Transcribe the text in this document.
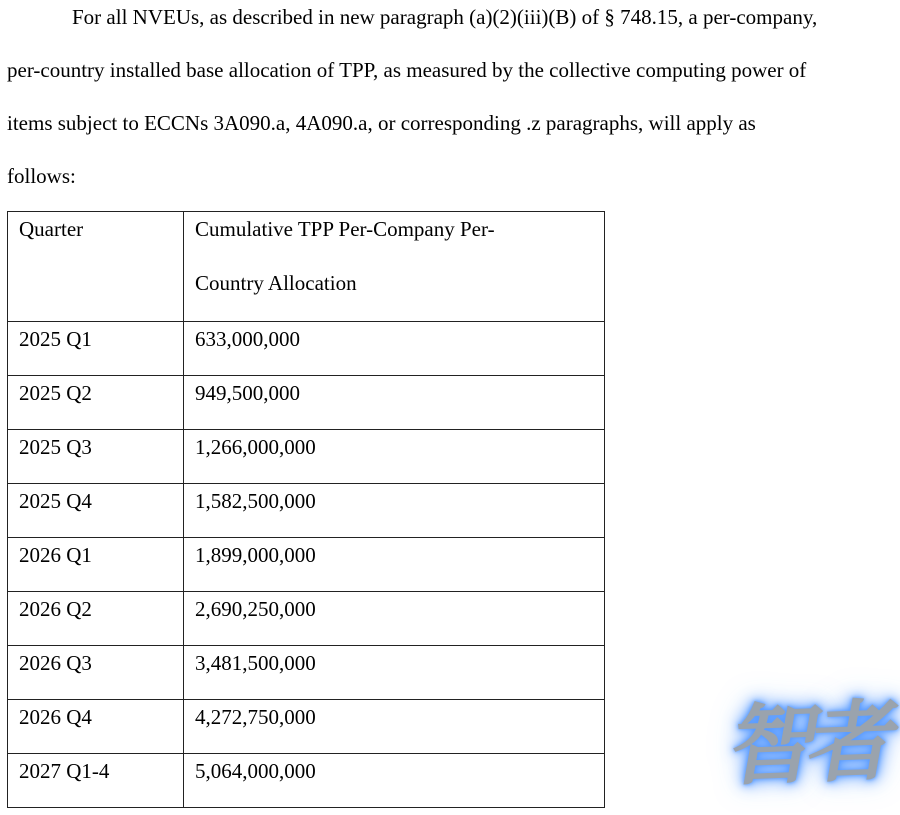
For all NVEUs, as described in new paragraph (a)(2)(iii)(B) of § 748.15, a per-company,
per-country installed base allocation of TPP, as measured by the collective computing power of
items subject to ECCNs 3A090.a, 4A090.a, or corresponding .z paragraphs, will apply as
follows:
Quarter	Cumulative TPP Per-Company Per-
Country Allocation

2025 Q1	633,000,000
2025 Q2	949,500,000
2025 Q3	1,266,000,000
2025 Q4	1,582,500,000
2026 Q1	1,899,000,000
2026 Q2	2,690,250,000
2026 Q3	3,481,500,000
2026 Q4	4,272,750,000
2027 Q1-4	5,064,000,000	智者
